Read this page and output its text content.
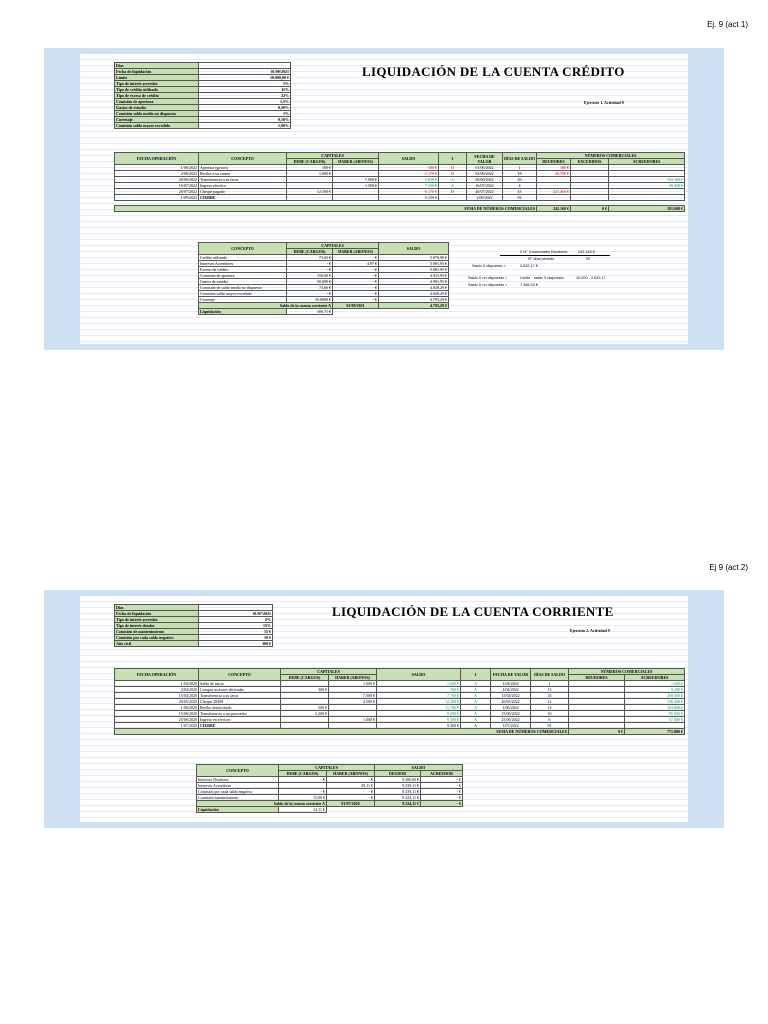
Ej. 9 (act 1)
Días	
Fecha de liquidación	01/09/2021
Límite	10.000,00 €
Tipo de interés acreedor	1%
Tipo de crédito utilizado	11%
Tipo de exceso de crédito	22%
Comisión de apertura	1,5%
Gastos de estudio	0,50%
Comisión saldo medio no dispuesto	1%
Corretaje	0,18%
Comisión saldo mayor excedido	1,00%
LIQUIDACIÓN DE LA CUENTA CRÉDITO
Ejercicio 1. Actividad 9
FECHA OPERACIÓN	CONCEPTO	CAPITALES		SALDO	I	FECHA DE VALOR	DÍAS DE SALDO	NÚMEROS COMERCIALES		
		DEBE (CARGOS)	HABER (ABONOS)					DEUDORES	EXCEDIDOS	ACREEDORES
1/06/2022	Apertura (gastos)	180 €		-180 €	D	01/06/2022	1	180 €		
2/06/2022	Recibo a su cuenta	1.000 €		-1.170 €	D	02/06/2022	18	20.700 €		
20/06/2022	Transferencia a su favor		7.000 €	5.830 €	A	20/06/2022	26			152.160 €
16/07/2022	Ingreso efectivo		1.500 €	7.330 €	A	16/07/2022	4			29.320 €
20/07/2022	Cheque pagado	12.500 €		-5.170 €	D	20/07/2022	43	221.460 €		
1/09/2022	CIERRE			5.150 €		1/09/2022	92			

SUMA DE NÚMEROS COMERCIALES								242.160 €	0 €	181.600 €
CONCEPTO	CAPITALES		SALDO
	DEBE (CARGOS)	HABER (ABONOS)	
Crédito utilizado	73,02 €	- €	5.076,98 €
Intereses Acreedores	- €	4,97 €	5.081,95 €
Exceso de crédito	- €	- €	5.081,95 €
Comisión de apertura	150,00 €	- €	4.931,95 €
Gastos de estudio	50,000 €	- €	4.981,95 €
Comisión de saldo medio no dispuesto	73,66 €	- €	4.828,29 €
Comisión saldo mayor excedido	- €	- €	4.828,29 €
Corretaje	35,0000 €	- €	4.793,29 €
Saldo de la cuenta corriente A		01/09/2021	4.793,29 €
Liquidación	306,71 €		
Σ N° Comerciales Deudores	242.160 €
N° días periodo	92
Saldo X dispuesto =	2.632,17 €
Saldo X no dispuesto =	Límite - saldo X dispuesto	10.000 - 2.632,17
Saldo X no dispuesto =	7.368,33 €
Ej 9 (act 2)
Días	
Fecha de liquidación	01/07/2021
Tipo de interés acreedor	2%
Tipo de interés deudor	15%
Comisión de mantenimiento	15 €
Comisión por cada saldo negativo	10 €
Año civil	360 €
LIQUIDACIÓN DE LA CUENTA CORRIENTE
Ejercicio 2. Actividad 9
FECHA OPERACIÓN	CONCEPTO	CAPITALES		SALDO	I	FECHA DE VALOR	DÍAS DE SALDO	NÚMEROS COMERCIALES	
		DEBE (CARGOS)	HABER (ABONOS)					DEUDORES	ACREEDORES
1/04/2020	Saldo de inicio		1.000 €	1.000 €	A	1/04/2022	1		1.000 €
2/04/2020	Compra acciones derivadas	300 €		700 €	A	2/04/2022	13		9.100 €
15/04/2020	Transferencia a su favor		7.000 €	7.700 €	A	15/04/2022	35		269.500 €
20/05/2020	Cheque 28498		4.500 €	12.200 €	A	20/05/2022	12		146.400 €
1/06/2020	Recibo domiciliado	500 €		11.700 €	A	1/06/2022	14		163.800 €
15/06/2020	Transferencia a un proveedor	3.200 €		8.500 €	A	15/06/2022	10		85.000 €
25/06/2020	Ingreso en efectivo		1.000 €	9.500 €	A	25/06/2022	6		57.000 €
1/07/2020	CIERRE			9.300 €	A	1/07/2022	91		
SUMA DE NÚMEROS COMERCIALES								0 €	771.800 €
CONCEPTO	CAPITALES		SALDO	
	DEBE (CARGOS)	HABER (ABONOS)	DEUDOR	ACREEDOR
Intereses Deudores	- €	- €	9.300,00 €	- €
Intereses Acreedores		39,11 €	9.339,11 €	- €
Comisión por cada saldo negativo	- €	- €	9.339,11 €	- €
Comisión mantenimiento	15,00 €	- €	9.324,11 €	- €
Saldo de la cuenta corriente A		01/07/2020	9.324,11 €	- €
Liquidación	24,11 €			
